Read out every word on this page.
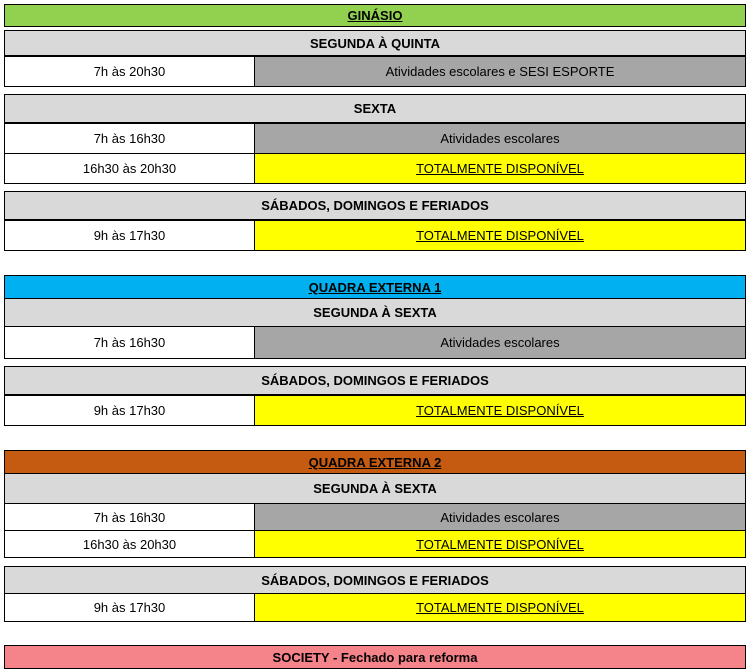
GINÁSIO
SEGUNDA À QUINTA
7h às 20h30	Atividades escolares e SESI ESPORTE
SEXTA
7h às 16h30	Atividades escolares
16h30 às 20h30	TOTALMENTE DISPONÍVEL
SÁBADOS, DOMINGOS E FERIADOS
9h às 17h30	TOTALMENTE DISPONÍVEL
QUADRA EXTERNA 1
SEGUNDA À SEXTA
7h às 16h30	Atividades escolares
SÁBADOS, DOMINGOS E FERIADOS
9h às 17h30	TOTALMENTE DISPONÍVEL
QUADRA EXTERNA 2
SEGUNDA À SEXTA
7h às 16h30	Atividades escolares
16h30 às 20h30	TOTALMENTE DISPONÍVEL
SÁBADOS, DOMINGOS E FERIADOS
9h às 17h30	TOTALMENTE DISPONÍVEL
SOCIETY - Fechado para reforma
